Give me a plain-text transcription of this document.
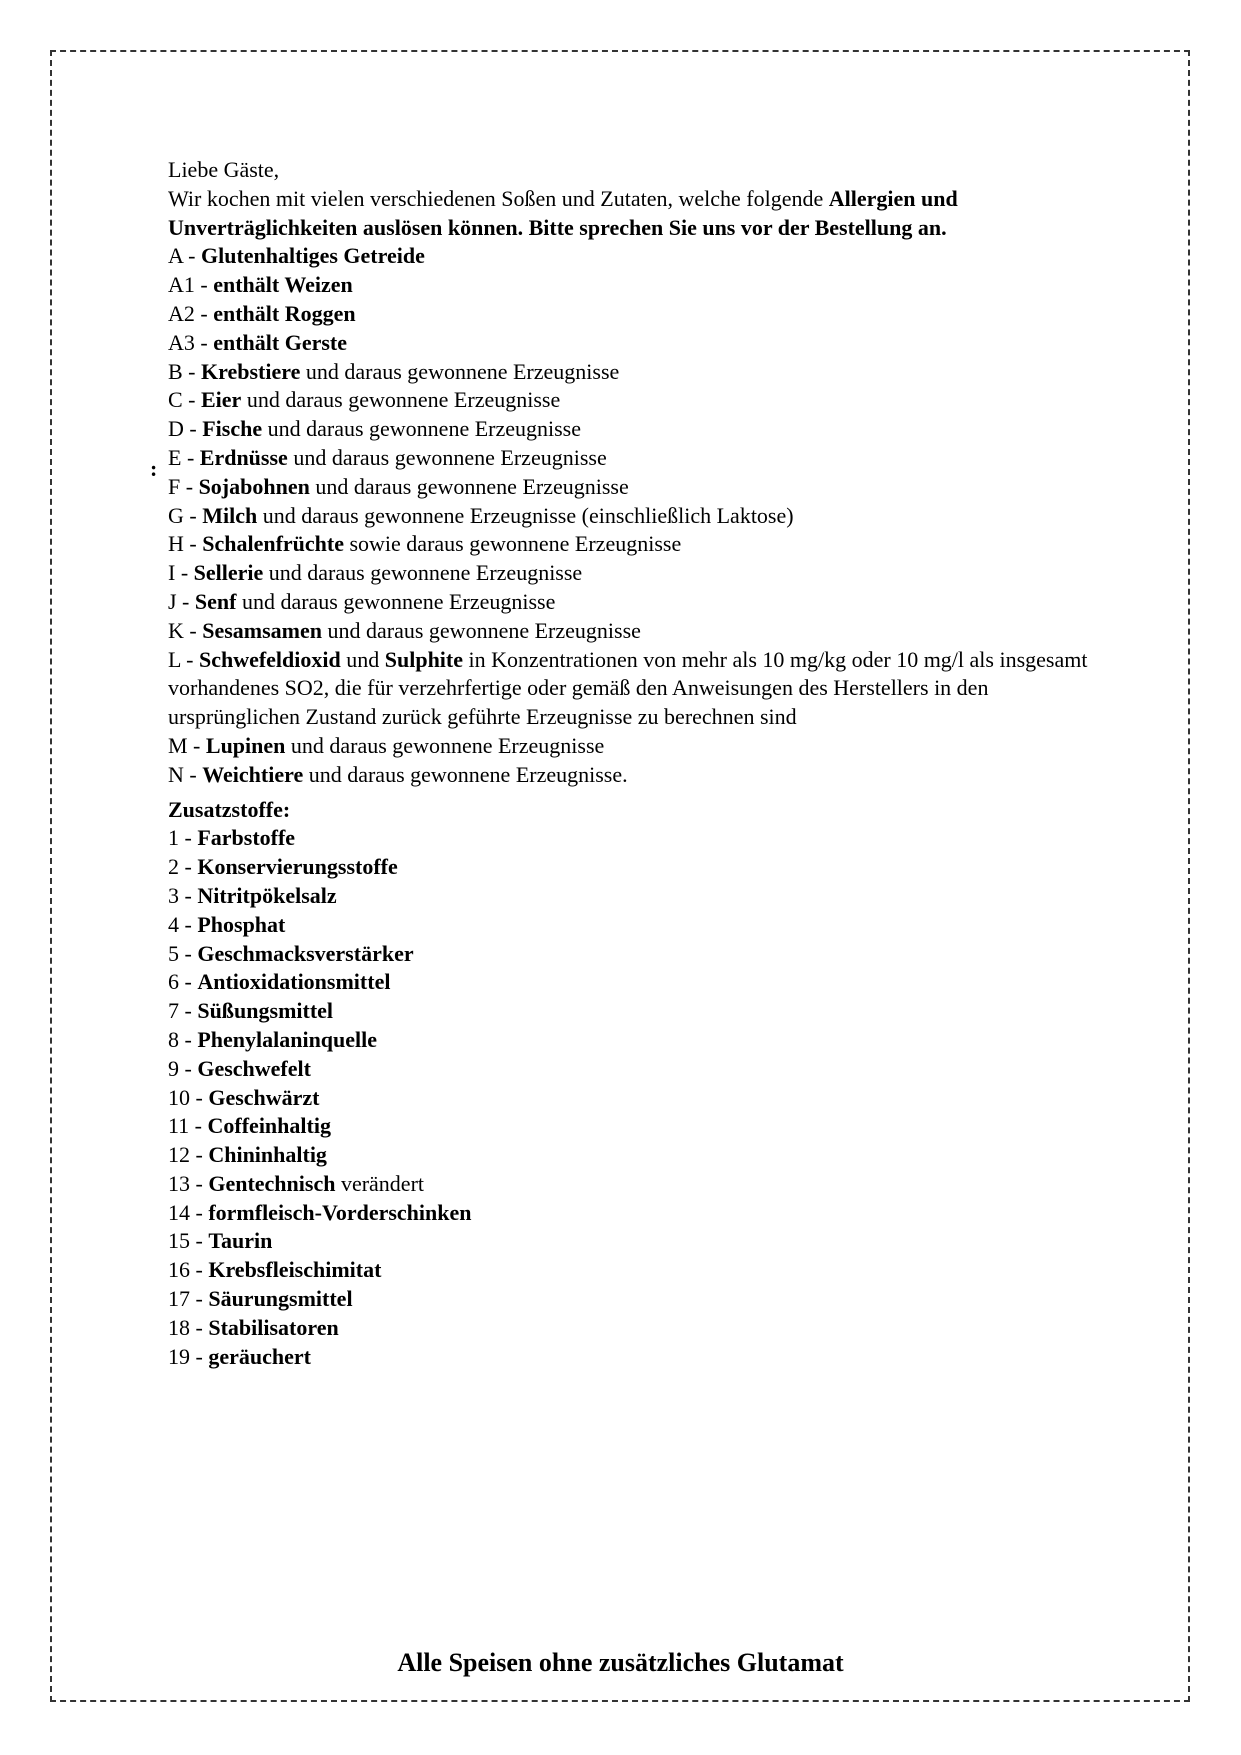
:
Liebe Gäste,
Wir kochen mit vielen verschiedenen Soßen und Zutaten, welche folgende Allergien und
Unverträglichkeiten auslösen können. Bitte sprechen Sie uns vor der Bestellung an.
A - Glutenhaltiges Getreide
A1 - enthält Weizen
A2 - enthält Roggen
A3 - enthält Gerste
B - Krebstiere und daraus gewonnene Erzeugnisse
C - Eier und daraus gewonnene Erzeugnisse
D - Fische und daraus gewonnene Erzeugnisse
E - Erdnüsse und daraus gewonnene Erzeugnisse
F - Sojabohnen und daraus gewonnene Erzeugnisse
G - Milch und daraus gewonnene Erzeugnisse (einschließlich Laktose)
H - Schalenfrüchte sowie daraus gewonnene Erzeugnisse
I - Sellerie und daraus gewonnene Erzeugnisse
J - Senf und daraus gewonnene Erzeugnisse
K - Sesamsamen und daraus gewonnene Erzeugnisse
L - Schwefeldioxid und Sulphite in Konzentrationen von mehr als 10 mg/kg oder 10 mg/l als insgesamt vorhandenes SO2, die für verzehrfertige oder gemäß den Anweisungen des Herstellers in den ursprünglichen Zustand zurück geführte Erzeugnisse zu berechnen sind
M - Lupinen und daraus gewonnene Erzeugnisse
N - Weichtiere und daraus gewonnene Erzeugnisse.
Zusatzstoffe:
1 - Farbstoffe
2 - Konservierungsstoffe
3 - Nitritpökelsalz
4 - Phosphat
5 - Geschmacksverstärker
6 - Antioxidationsmittel
7 - Süßungsmittel
8 - Phenylalaninquelle
9 - Geschwefelt
10 - Geschwärzt
11 - Coffeinhaltig
12 - Chininhaltig
13 - Gentechnisch verändert
14 - formfleisch-Vorderschinken
15 - Taurin
16 - Krebsfleischimitat
17 - Säurungsmittel
18 - Stabilisatoren
19 - geräuchert
Alle Speisen ohne zusätzliches Glutamat
